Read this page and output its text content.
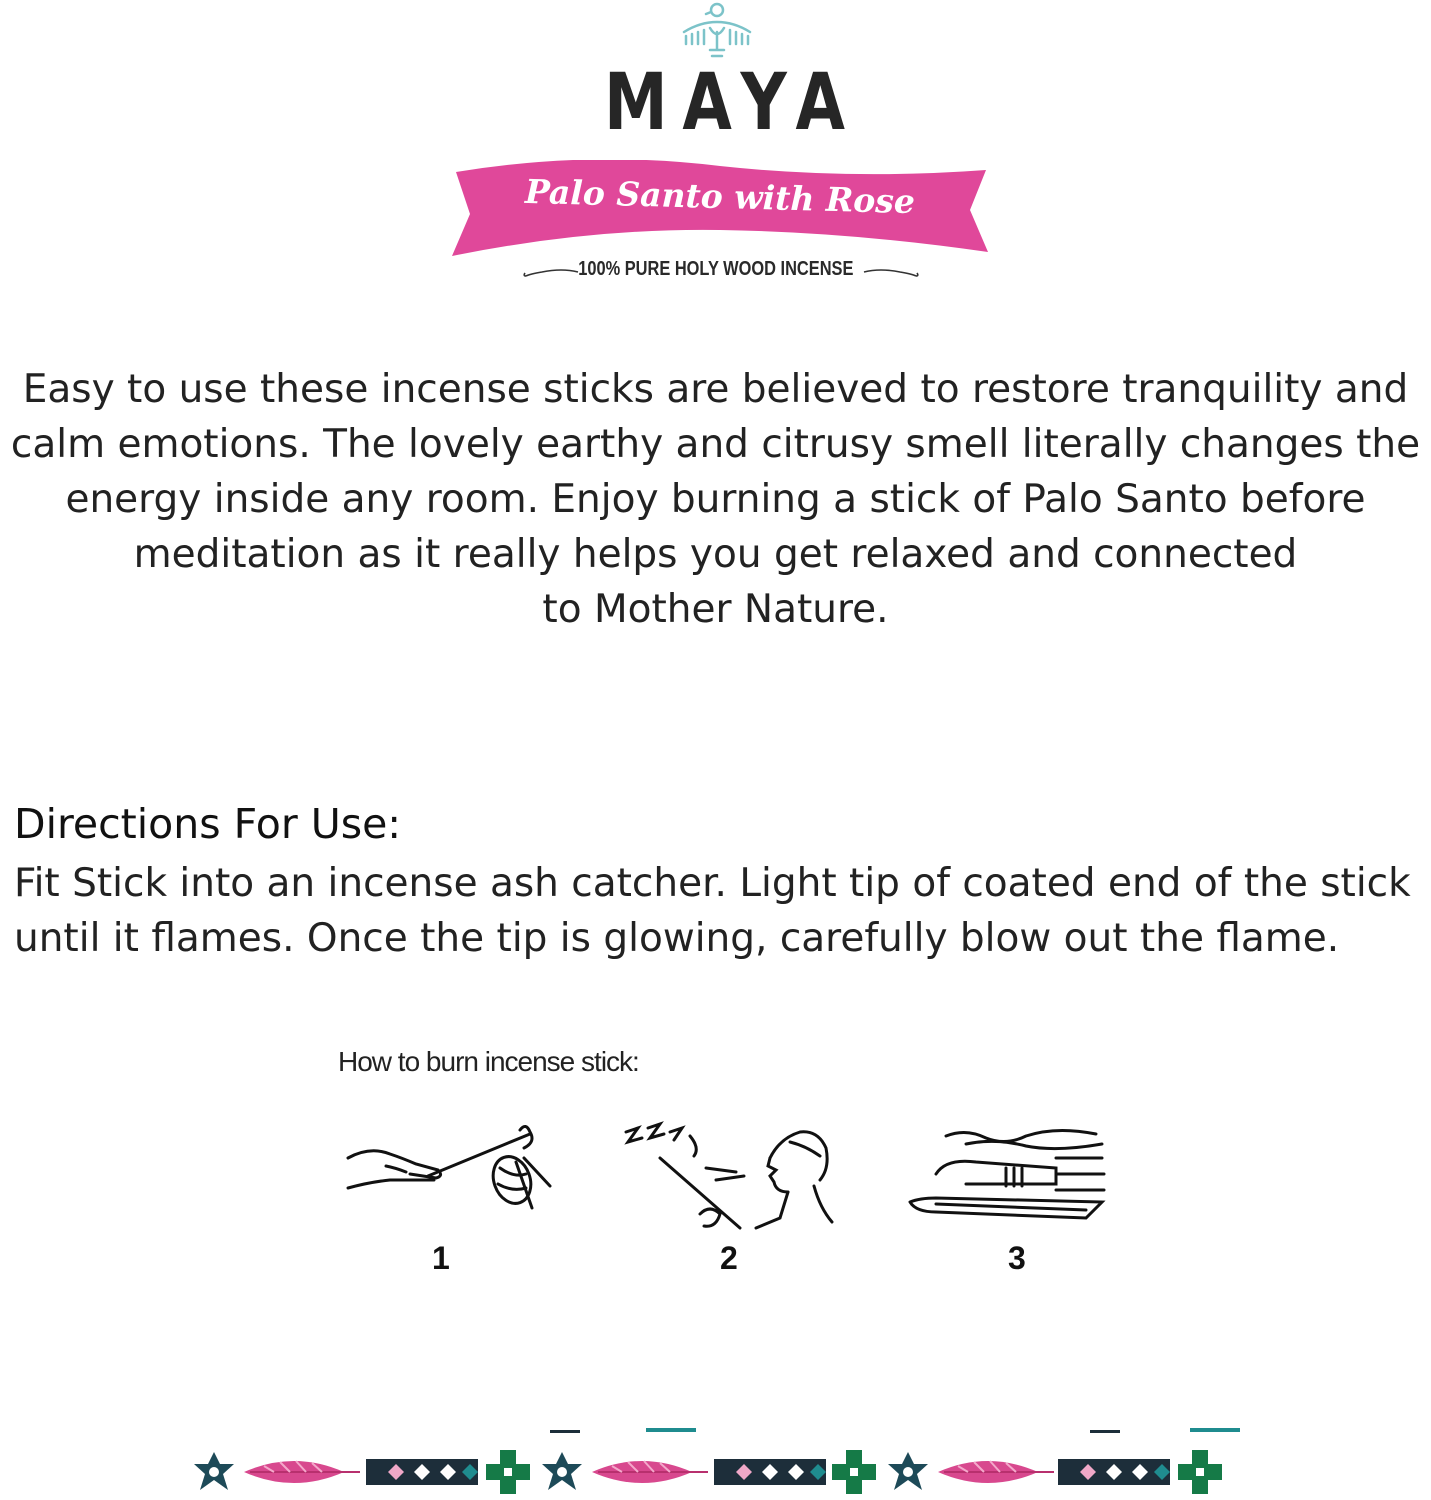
MAYA
Palo Santo with Rose
100% PURE HOLY WOOD INCENSE
Easy to use these incense sticks are believed to restore tranquility and
calm emotions. The lovely earthy and citrusy smell literally changes the
energy inside any room. Enjoy burning a stick of Palo Santo before
meditation as it really helps you get relaxed and connected
to Mother Nature.
Directions For Use:
Fit Stick into an incense ash catcher. Light tip of coated end of the stick
until it flames. Once the tip is glowing, carefully blow out the flame.
How to burn incense stick:
1	2	3
